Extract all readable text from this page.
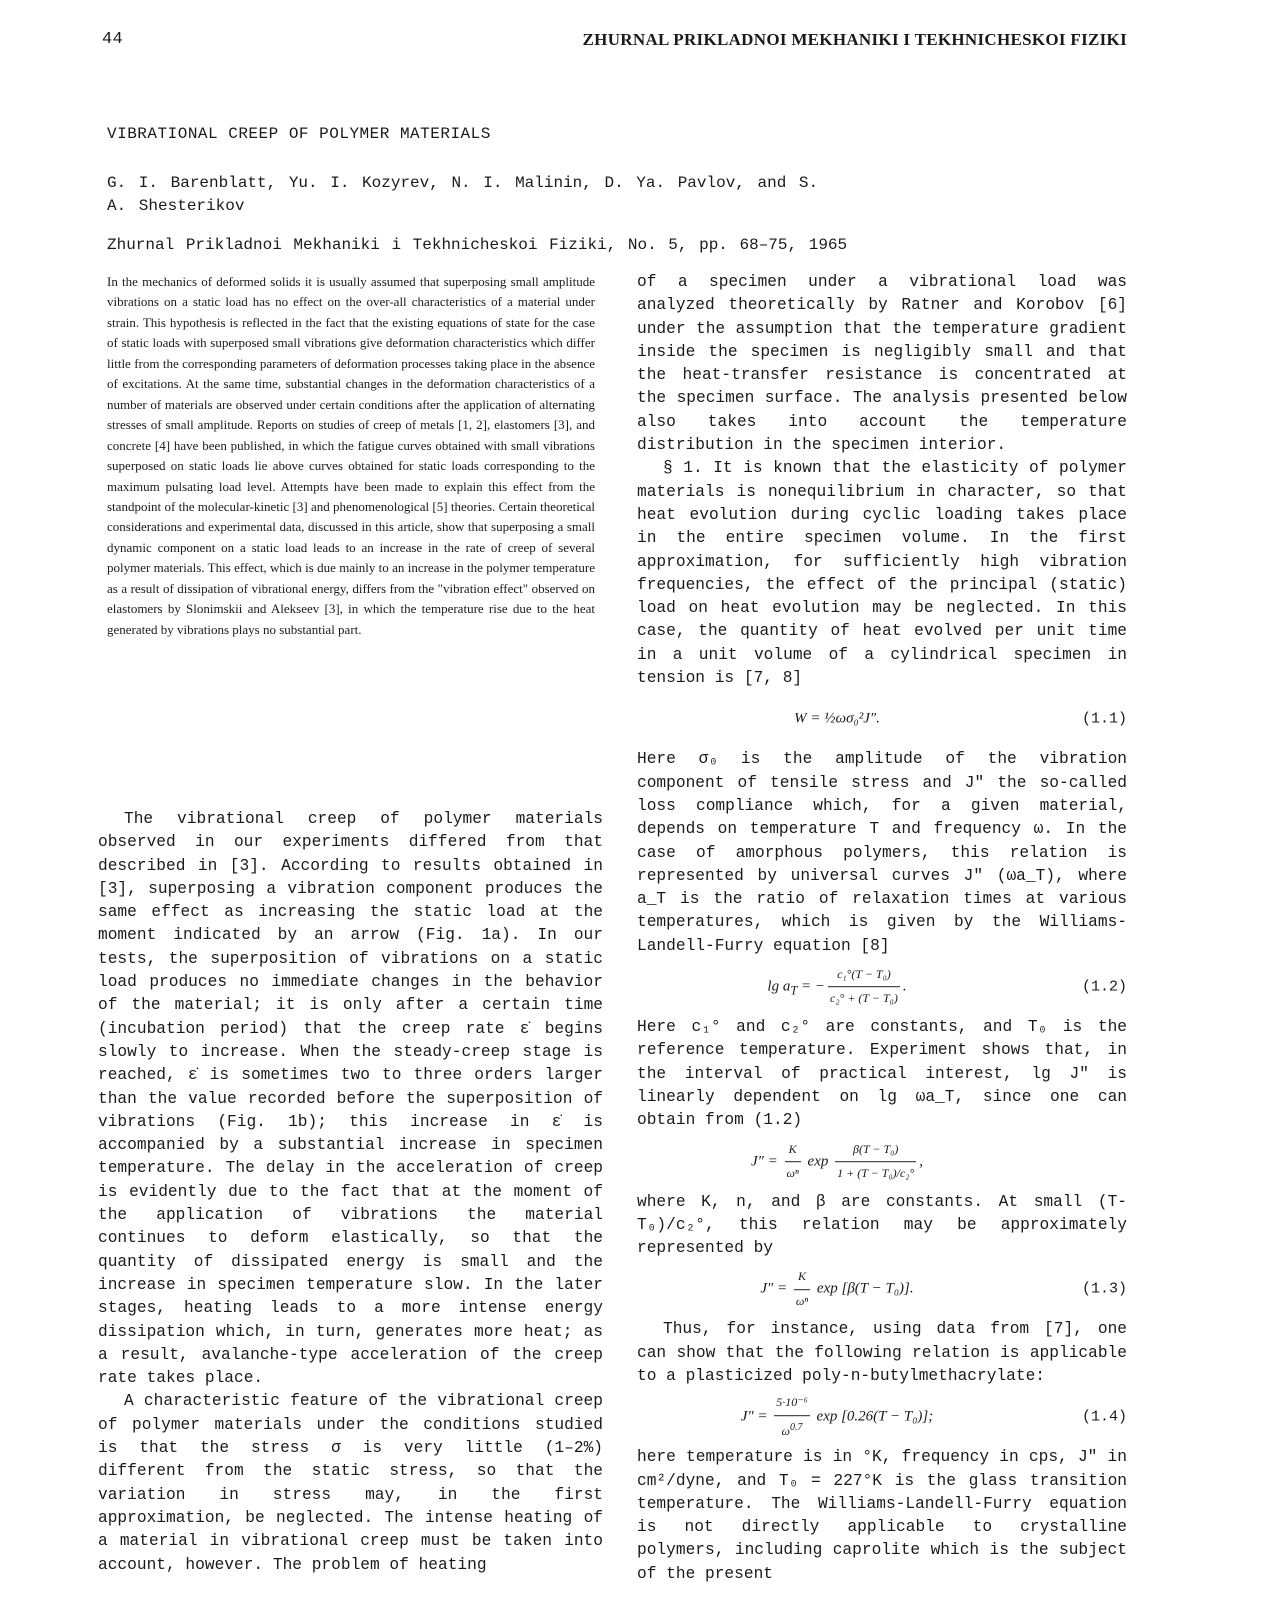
44	ZHURNAL PRIKLADNOI MEKHANIKI I TEKHNICHESKOI FIZIKI
VIBRATIONAL CREEP OF POLYMER MATERIALS
G. I. Barenblatt, Yu. I. Kozyrev, N. I. Malinin, D. Ya. Pavlov, and S. A. Shesterikov
Zhurnal Prikladnoi Mekhaniki i Tekhnicheskoi Fiziki, No. 5, pp. 68–75, 1965
In the mechanics of deformed solids it is usually assumed that superposing small amplitude vibrations on a static load has no effect on the over-all characteristics of a material under strain. This hypothesis is reflected in the fact that the existing equations of state for the case of static loads with superposed small vibrations give deformation characteristics which differ little from the corresponding parameters of deformation processes taking place in the absence of excitations. At the same time, substantial changes in the deformation characteristics of a number of materials are observed under certain conditions after the application of alternating stresses of small amplitude. Reports on studies of creep of metals [1, 2], elastomers [3], and concrete [4] have been published, in which the fatigue curves obtained with small vibrations superposed on static loads lie above curves obtained for static loads corresponding to the maximum pulsating load level. Attempts have been made to explain this effect from the standpoint of the molecular-kinetic [3] and phenomenological [5] theories. Certain theoretical considerations and experimental data, discussed in this article, show that superposing a small dynamic component on a static load leads to an increase in the rate of creep of several polymer materials. This effect, which is due mainly to an increase in the polymer temperature as a result of dissipation of vibrational energy, differs from the "vibration effect" observed on elastomers by Slonimskii and Alekseev [3], in which the temperature rise due to the heat generated by vibrations plays no substantial part.

The vibrational creep of polymer materials observed in our experiments differed from that described in [3]. According to results obtained in [3], superposing a vibration component produces the same effect as increasing the static load at the moment indicated by an arrow (Fig. 1a). In our tests, the superposition of vibrations on a static load produces no immediate changes in the behavior of the material; it is only after a certain time (incubation period) that the creep rate ε̇ begins slowly to increase. When the steady-creep stage is reached, ε̇ is sometimes two to three orders larger than the value recorded before the superposition of vibrations (Fig. 1b); this increase in ε̇ is accompanied by a substantial increase in specimen temperature. The delay in the acceleration of creep is evidently due to the fact that at the moment of the application of vibrations the material continues to deform elastically, so that the quantity of dissipated energy is small and the increase in specimen temperature slow. In the later stages, heating leads to a more intense energy dissipation which, in turn, generates more heat; as a result, avalanche-type acceleration of the creep rate takes place.

A characteristic feature of the vibrational creep of polymer materials under the conditions studied is that the stress σ is very little (1–2%) different from the static stress, so that the variation in stress may, in the first approximation, be neglected. The intense heating of a material in vibrational creep must be taken into account, however. The problem of heating

of a specimen under a vibrational load was analyzed theoretically by Ratner and Korobov [6] under the assumption that the temperature gradient inside the specimen is negligibly small and that the heat-transfer resistance is concentrated at the specimen surface. The analysis presented below also takes into account the temperature distribution in the specimen interior.

§ 1. It is known that the elasticity of polymer materials is nonequilibrium in character, so that heat evolution during cyclic loading takes place in the entire specimen volume. In the first approximation, for sufficiently high vibration frequencies, the effect of the principal (static) load on heat evolution may be neglected. In this case, the quantity of heat evolved per unit time in a unit volume of a cylindrical specimen in tension is [7, 8]

W = ½ωσ₀²J″.	(1.1)

Here σ₀ is the amplitude of the vibration component of tensile stress and J″ the so-called loss compliance which, for a given material, depends on temperature T and frequency ω. In the case of amorphous polymers, this relation is represented by universal curves J″ (ωa_T), where a_T is the ratio of relaxation times at various temperatures, which is given by the Williams-Landell-Furry equation [8]

$\lg a_T$ = − $\frac{\text{c₁°(T − T₀)}}{\text{c₂° + (T − T₀)}}$ .	(1.2)

Here c₁° and c₂° are constants, and T₀ is the reference temperature. Experiment shows that, in the interval of practical interest, lg J″ is linearly dependent on lg ωa_T, since one can obtain from (1.2)

$J'' = \frac{K}{\text{ωⁿ}}$ $\exp \frac{\text{β(T − T₀)}}{\text{1 + (T − T₀)/c₂°}}$ ,

where K, n, and β are constants. At small (T-T₀)/c₂°, this relation may be approximately represented by

$J'' = \frac{K}{\text{ωⁿ}}$ exp [β(T − T₀)].	(1.3)

Thus, for instance, using data from [7], one can show that the following relation is applicable to a plasticized poly-n-butylmethacrylate:

$J'' = \frac{\text{5·10⁻⁶}}{\omega^{0.7}}$ exp [0.26(T − T₀)];	(1.4)

here temperature is in °K, frequency in cps, J″ in cm²/dyne, and T₀ = 227°K is the glass transition temperature. The Williams-Landell-Furry equation is not directly applicable to crystalline polymers, including caprolite which is the subject of the present
